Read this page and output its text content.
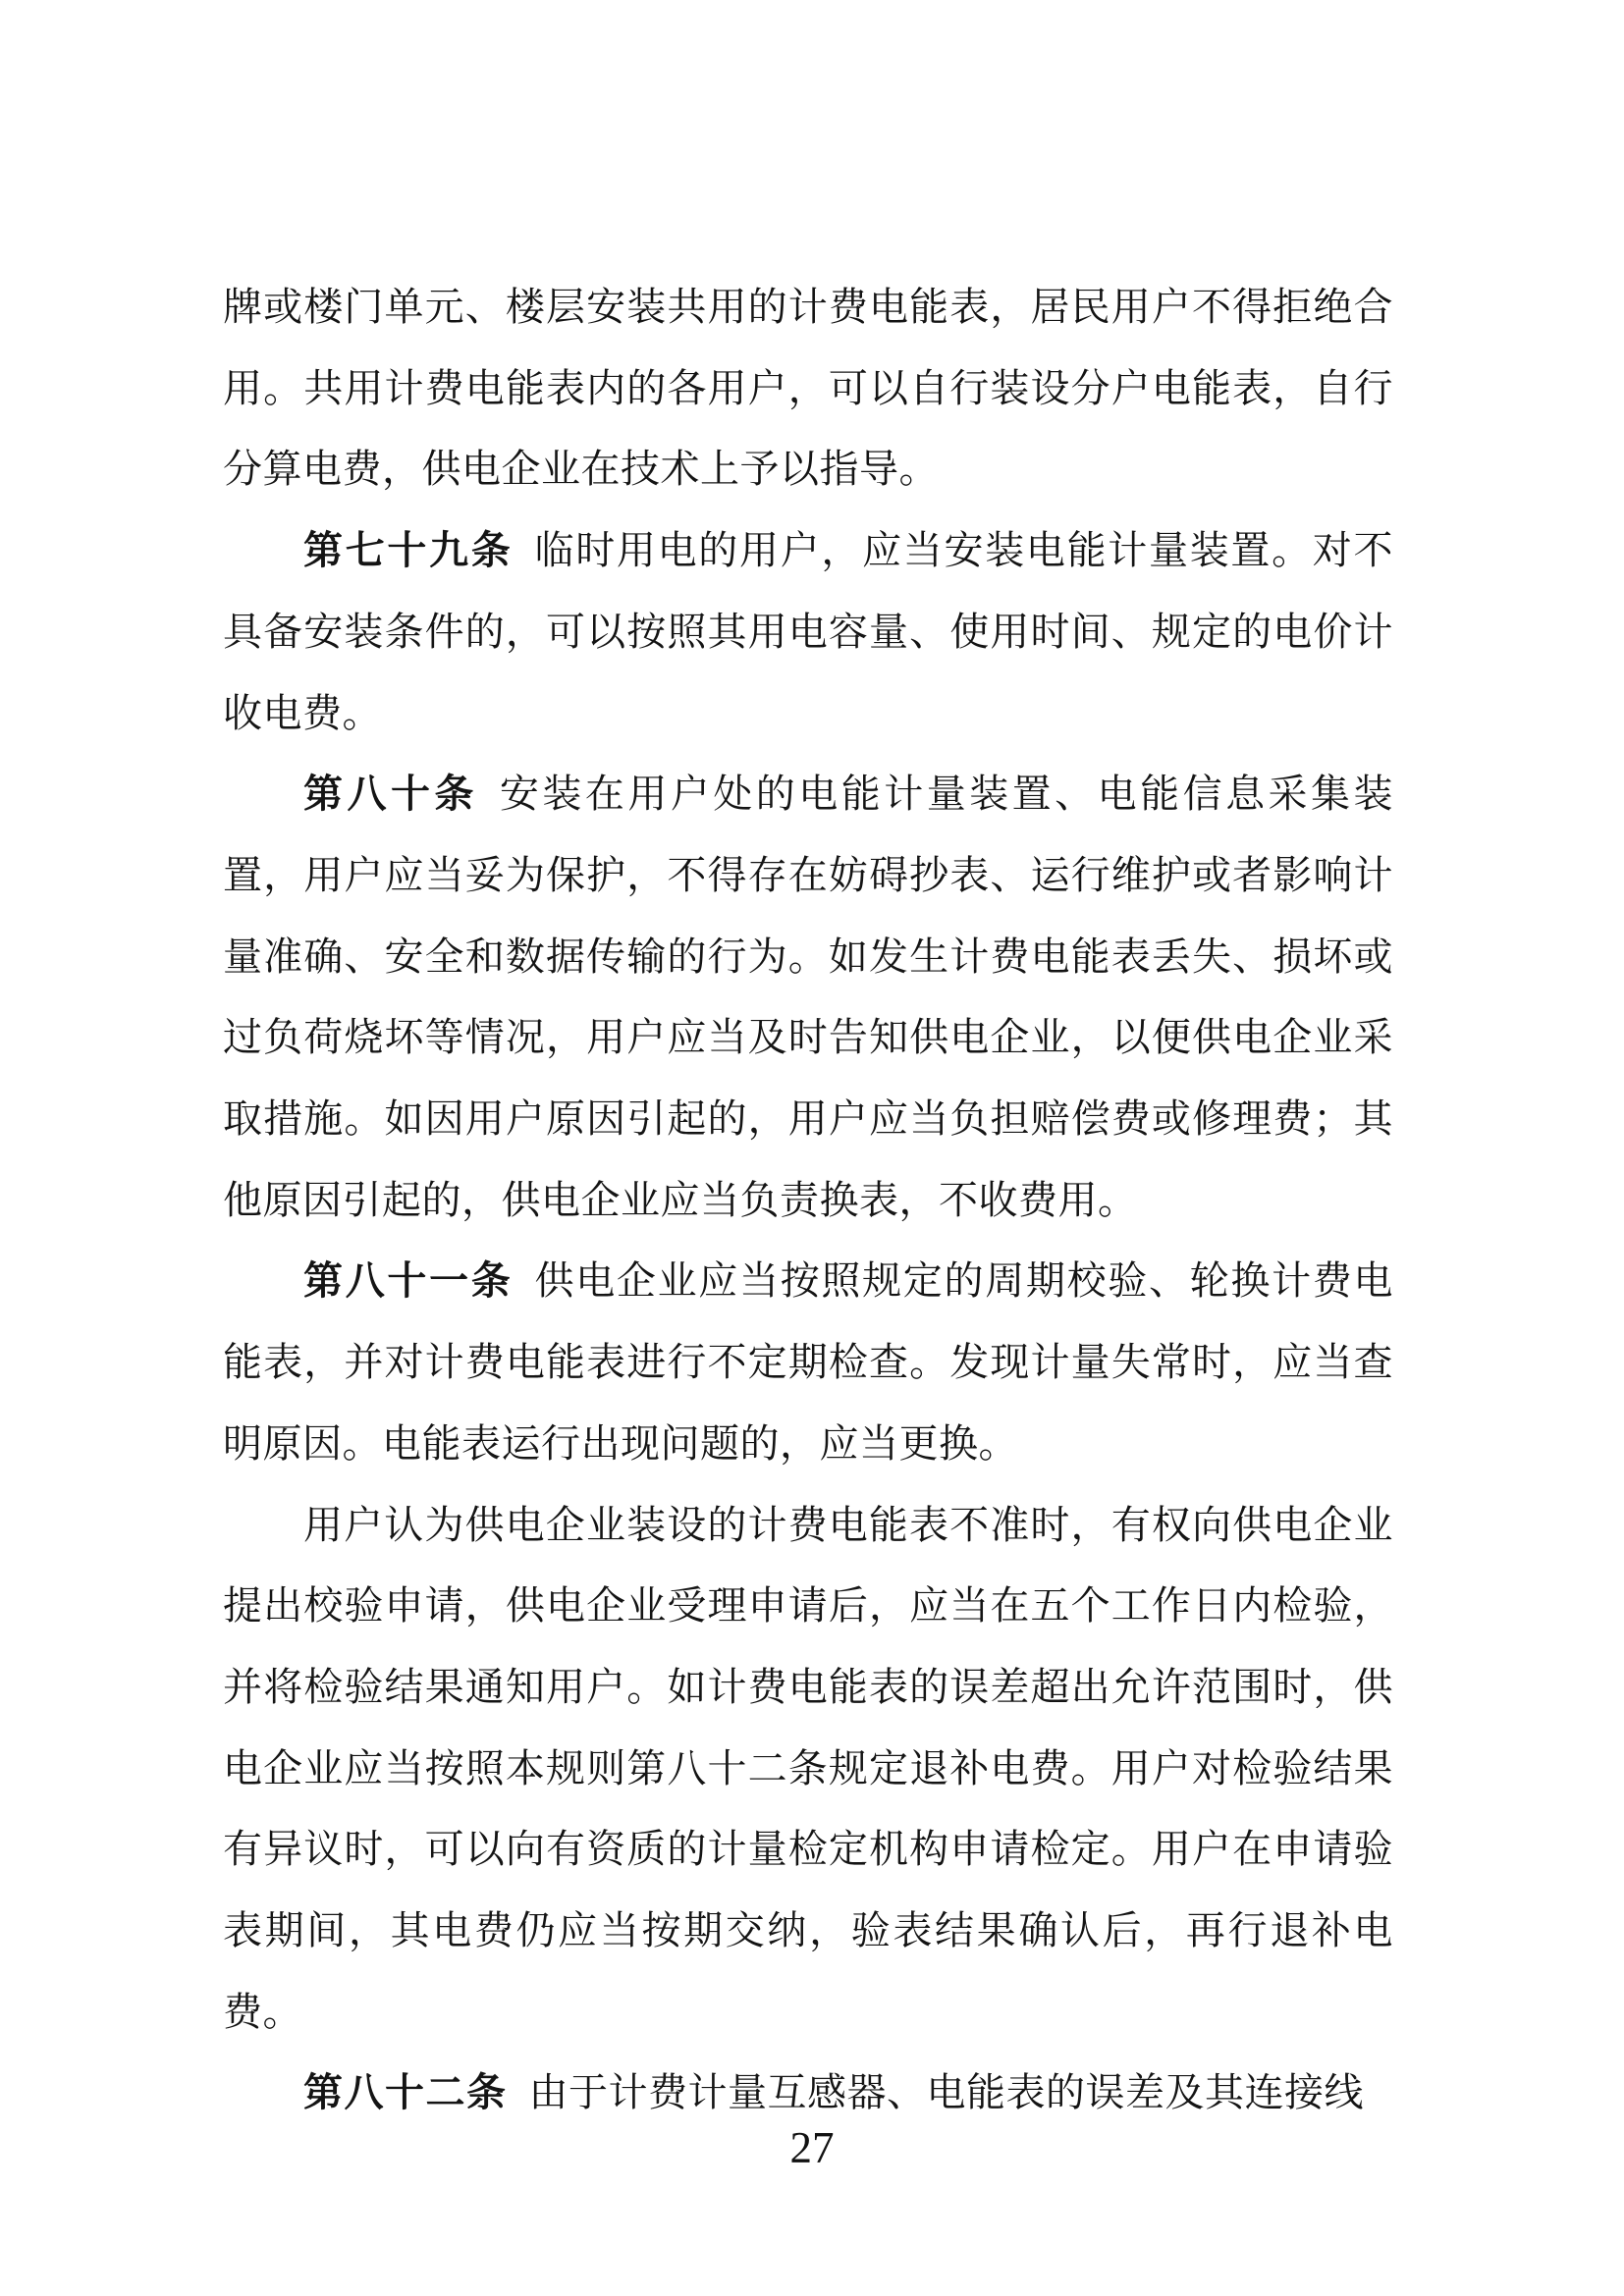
牌或楼门单元、楼层安装共用的计费电能表，居民用户不得拒绝合用。共用计费电能表内的各用户，可以自行装设分户电能表，自行分算电费，供电企业在技术上予以指导。

第七十九条 临时用电的用户，应当安装电能计量装置。对不具备安装条件的，可以按照其用电容量、使用时间、规定的电价计收电费。

第八十条 安装在用户处的电能计量装置、电能信息采集装置，用户应当妥为保护，不得存在妨碍抄表、运行维护或者影响计量准确、安全和数据传输的行为。如发生计费电能表丢失、损坏或过负荷烧坏等情况，用户应当及时告知供电企业，以便供电企业采取措施。如因用户原因引起的，用户应当负担赔偿费或修理费；其他原因引起的，供电企业应当负责换表，不收费用。

第八十一条 供电企业应当按照规定的周期校验、轮换计费电能表，并对计费电能表进行不定期检查。发现计量失常时，应当查明原因。电能表运行出现问题的，应当更换。

用户认为供电企业装设的计费电能表不准时，有权向供电企业提出校验申请，供电企业受理申请后，应当在五个工作日内检验，并将检验结果通知用户。如计费电能表的误差超出允许范围时，供电企业应当按照本规则第八十二条规定退补电费。用户对检验结果有异议时，可以向有资质的计量检定机构申请检定。用户在申请验表期间，其电费仍应当按期交纳，验表结果确认后，再行退补电费。

第八十二条 由于计费计量互感器、电能表的误差及其连接线

27
